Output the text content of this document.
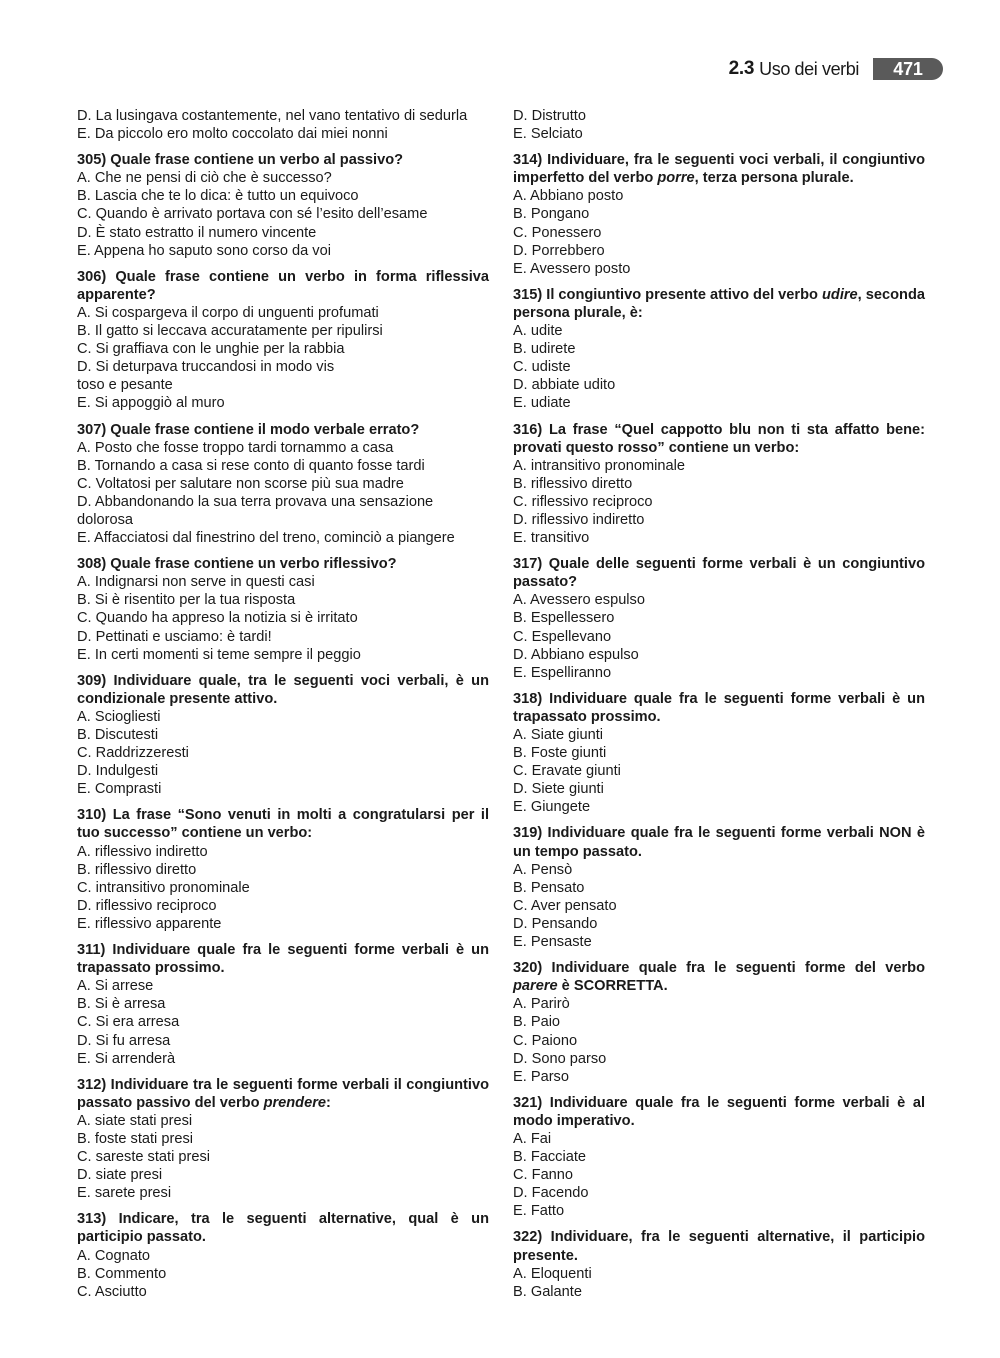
2.3 Uso dei verbi	471
D. La lusingava costantemente, nel vano tentativo di sedurla
E. Da piccolo ero molto coccolato dai miei nonni
305) Quale frase contiene un verbo al passivo?
A. Che ne pensi di ciò che è successo?
B. Lascia che te lo dica: è tutto un equivoco
C. Quando è arrivato portava con sé l’esito dell’esame
D. È stato estratto il numero vincente
E. Appena ho saputo sono corso da voi
306) Quale frase contiene un verbo in forma riflessiva apparente?
A. Si cospargeva il corpo di unguenti profumati
B. Il gatto si leccava accuratamente per ripulirsi
C. Si graffiava con le unghie per la rabbia
D. Si deturpava truccandosi in modo vis
toso e pesante
E. Si appoggiò al muro
307) Quale frase contiene il modo verbale errato?
A. Posto che fosse troppo tardi tornammo a casa
B. Tornando a casa si rese conto di quanto fosse tardi
C. Voltatosi per salutare non scorse più sua madre
D. Abbandonando la sua terra provava una sensazione dolorosa
E. Affacciatosi dal finestrino del treno, cominciò a piangere
308) Quale frase contiene un verbo riflessivo?
A. Indignarsi non serve in questi casi
B. Si è risentito per la tua risposta
C. Quando ha appreso la notizia si è irritato
D. Pettinati e usciamo: è tardi!
E. In certi momenti si teme sempre il peggio
309) Individuare quale, tra le seguenti voci verbali, è un condizionale presente attivo.
A. Sciogliesti
B. Discutesti
C. Raddrizzeresti
D. Indulgesti
E. Comprasti
310) La frase “Sono venuti in molti a congratularsi per il tuo successo” contiene un verbo:
A. riflessivo indiretto
B. riflessivo diretto
C. intransitivo pronominale
D. riflessivo reciproco
E. riflessivo apparente
311) Individuare quale fra le seguenti forme verbali è un trapassato prossimo.
A. Si arrese
B. Si è arresa
C. Si era arresa
D. Si fu arresa
E. Si arrenderà
312) Individuare tra le seguenti forme verbali il congiuntivo passato passivo del verbo prendere:
A. siate stati presi
B. foste stati presi
C. sareste stati presi
D. siate presi
E. sarete presi
313) Indicare, tra le seguenti alternative, qual è un participio passato.
A. Cognato
B. Commento
C. Asciutto
D. Distrutto
E. Selciato
314) Individuare, fra le seguenti voci verbali, il congiuntivo imperfetto del verbo porre, terza persona plurale.
A. Abbiano posto
B. Pongano
C. Ponessero
D. Porrebbero
E. Avessero posto
315) Il congiuntivo presente attivo del verbo udire, seconda persona plurale, è:
A. udite
B. udirete
C. udiste
D. abbiate udito
E. udiate
316) La frase “Quel cappotto blu non ti sta affatto bene: provati questo rosso” contiene un verbo:
A. intransitivo pronominale
B. riflessivo diretto
C. riflessivo reciproco
D. riflessivo indiretto
E. transitivo
317) Quale delle seguenti forme verbali è un congiuntivo passato?
A. Avessero espulso
B. Espellessero
C. Espellevano
D. Abbiano espulso
E. Espelliranno
318) Individuare quale fra le seguenti forme verbali è un trapassato prossimo.
A. Siate giunti
B. Foste giunti
C. Eravate giunti
D. Siete giunti
E. Giungete
319) Individuare quale fra le seguenti forme verbali NON è un tempo passato.
A. Pensò
B. Pensato
C. Aver pensato
D. Pensando
E. Pensaste
320) Individuare quale fra le seguenti forme del verbo parere è SCORRETTA.
A. Parirò
B. Paio
C. Paiono
D. Sono parso
E. Parso
321) Individuare quale fra le seguenti forme verbali è al modo imperativo.
A. Fai
B. Facciate
C. Fanno
D. Facendo
E. Fatto
322) Individuare, fra le seguenti alternative, il participio presente.
A. Eloquenti
B. Galante
